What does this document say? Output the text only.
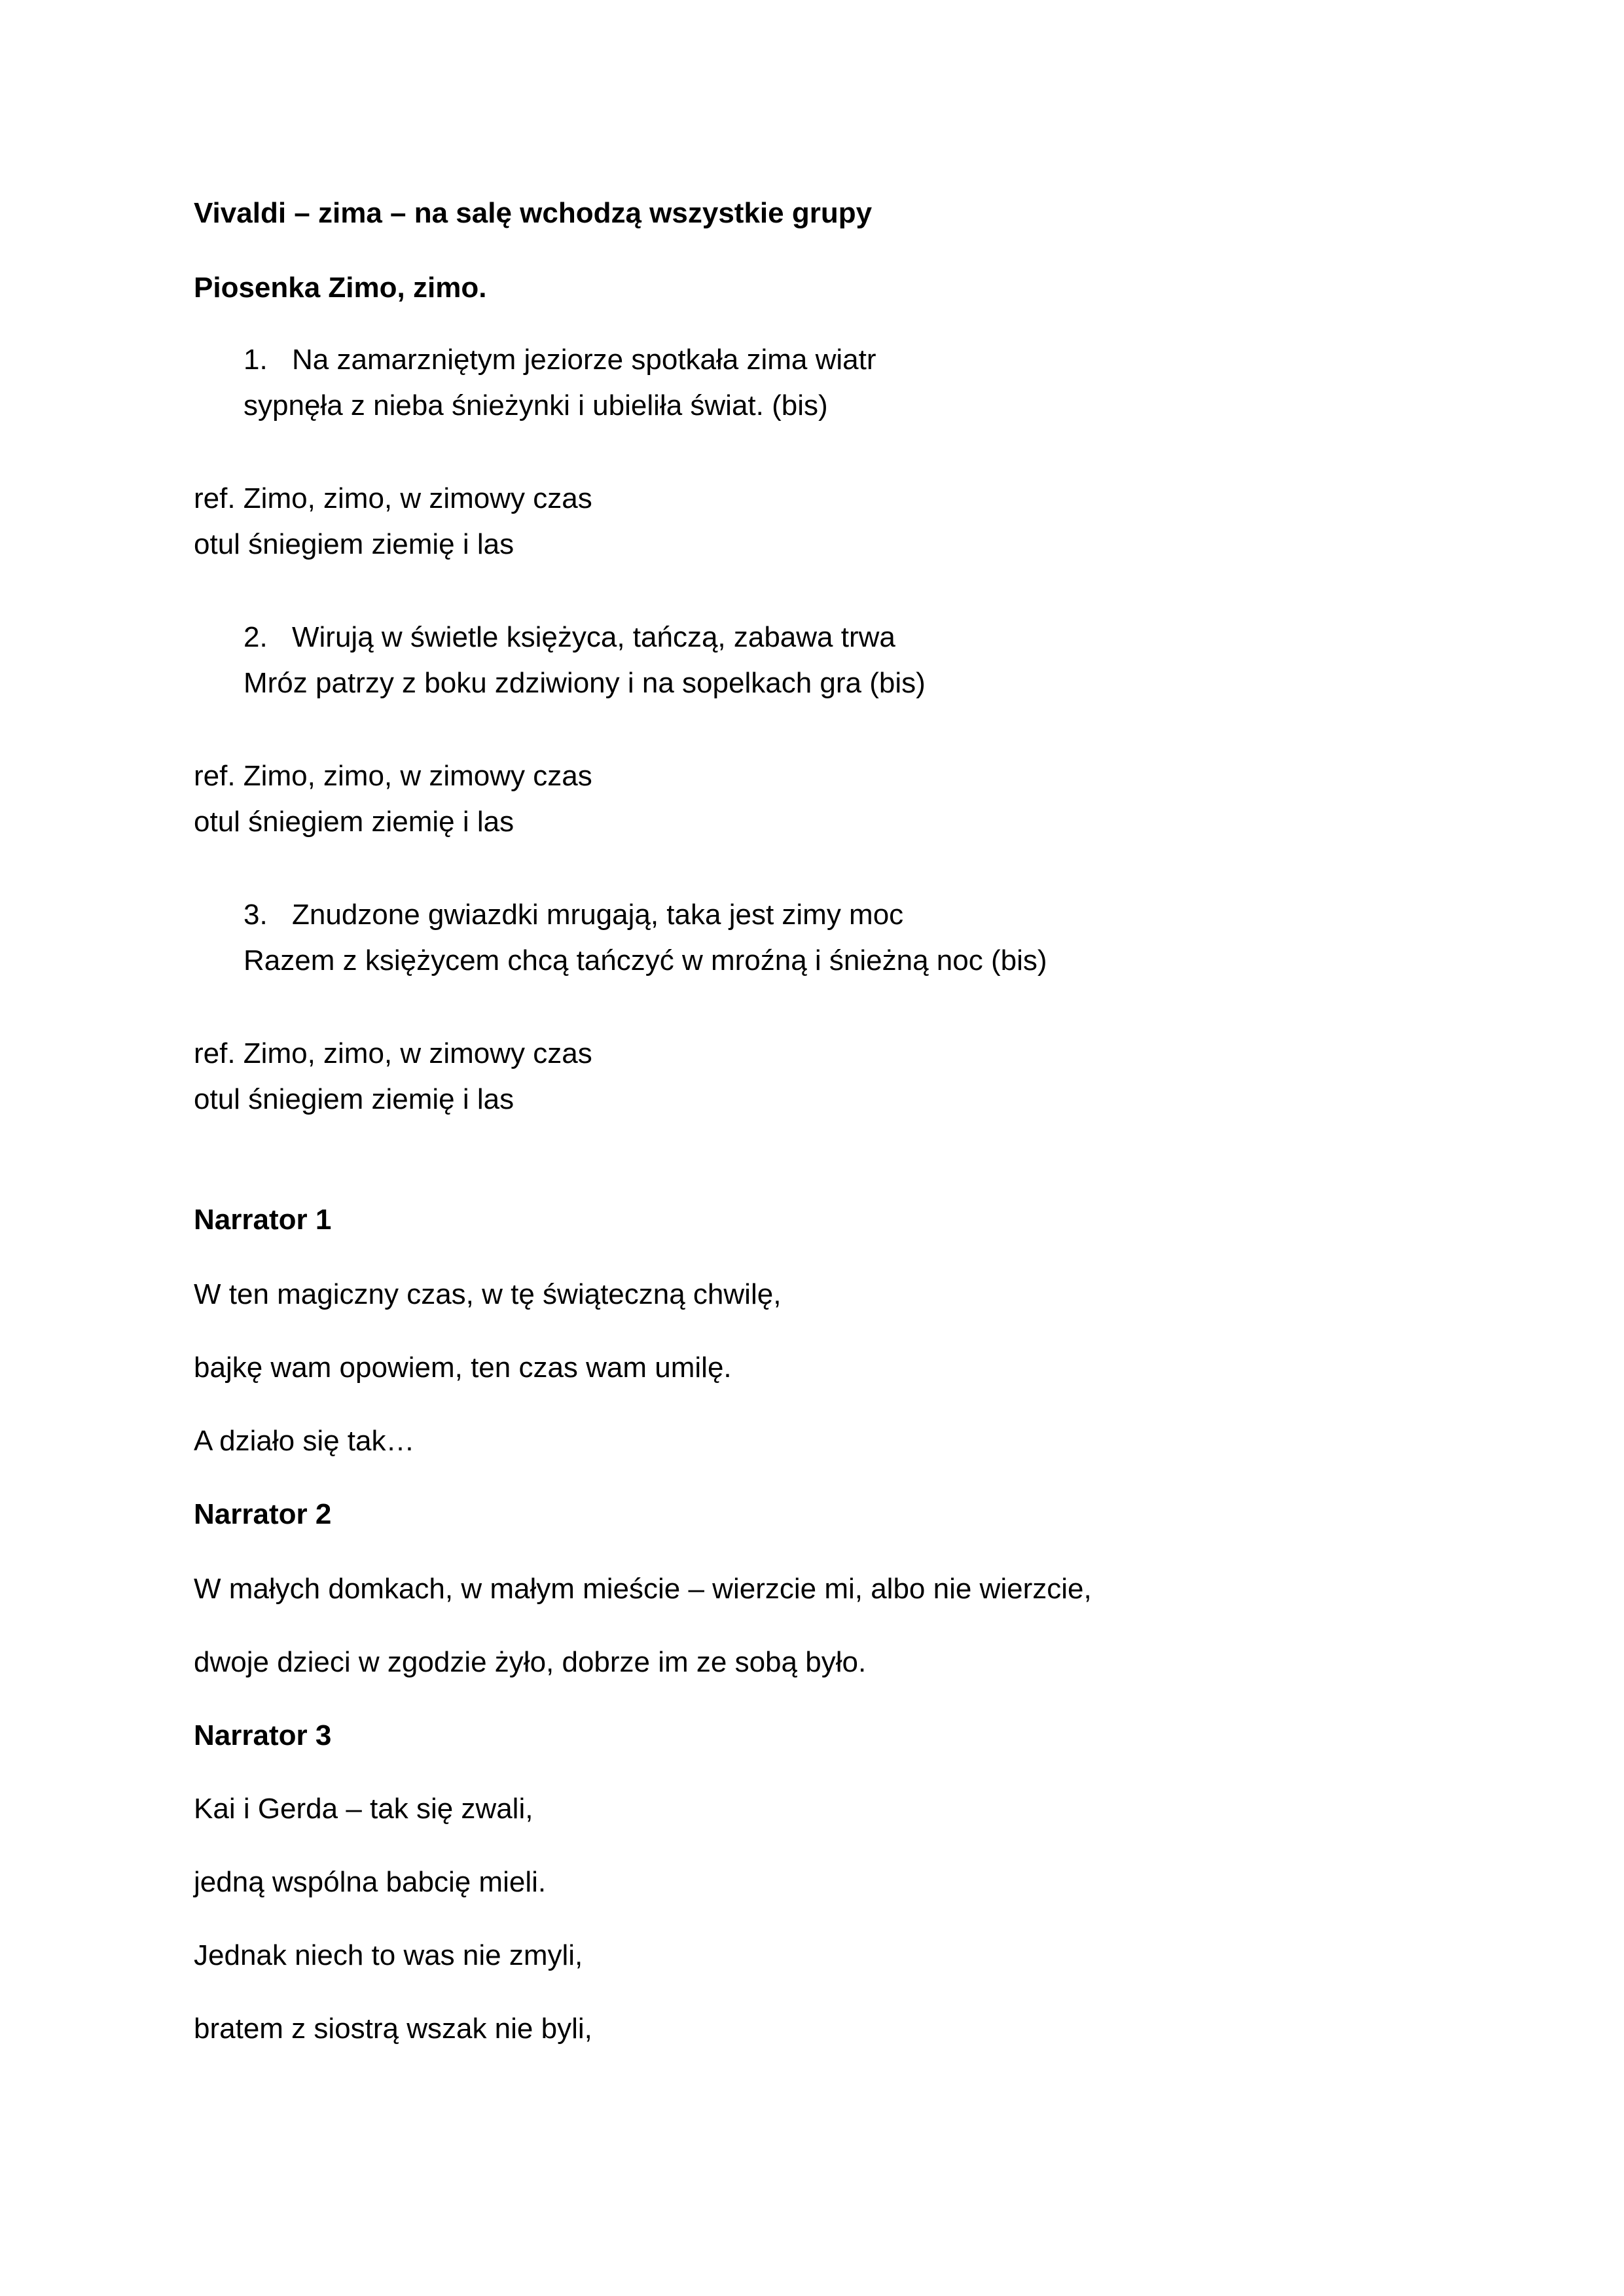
Vivaldi – zima – na salę wchodzą wszystkie grupy
Piosenka Zimo, zimo.
1. Na zamarzniętym jeziorze spotkała zima wiatr
sypnęła z nieba śnieżynki i ubieliła świat. (bis)
ref. Zimo, zimo, w zimowy czas
otul śniegiem ziemię i las
2. Wirują w świetle księżyca, tańczą, zabawa trwa
Mróz patrzy z boku zdziwiony i na sopelkach gra (bis)
ref. Zimo, zimo, w zimowy czas
otul śniegiem ziemię i las
3. Znudzone gwiazdki mrugają, taka jest zimy moc
Razem z księżycem chcą tańczyć w mroźną i śnieżną noc (bis)
ref. Zimo, zimo, w zimowy czas
otul śniegiem ziemię i las
Narrator 1
W ten magiczny czas, w tę świąteczną chwilę,
bajkę wam opowiem, ten czas wam umilę.
A działo się tak…
Narrator 2
W małych domkach, w małym mieście – wierzcie mi, albo nie wierzcie,
dwoje dzieci w zgodzie żyło, dobrze im ze sobą było.
Narrator 3
Kai i Gerda – tak się zwali,
jedną wspólna babcię mieli.
Jednak niech to was nie zmyli,
bratem z siostrą wszak nie byli,
